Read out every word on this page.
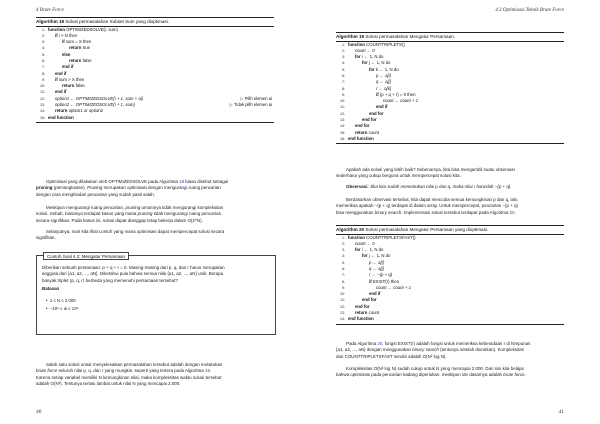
4 Brute Force
Algorithm 18 Solusi permasalahan Subset Sum yang dioptimasi.
1: function OPTIMIZEDSOLVE(i, sum)
2: if i > N then
3:	if sum = X then
4:	return true
5:	else
6:	return false
7:	end if
8: end if
9: if sum > X then
10:	return false
11: end if
12: option1 ← OPTIMIZEDSOLVE(i + 1, sum + ai)	▷ Pilih elemen ai
13: option2 ← OPTIMIZEDSOLVE(i + 1, sum)	▷ Tidak pilih elemen ai
14: return option1 or option2
15: end function
Optimisasi yang dilakukan oleh OPTIMIZEDSOLVE pada Algoritma 18 biasa disebut sebagai
pruning (pemangkasan). Pruning merupakan optimisasi dengan mengurangi ruang pencarian
dengan cara menghindari pencarian yang sudah pasti salah.
Meskipun mengurangi ruang pencarian, pruning umumnya tidak mengurangi kompleksitas
solusi. Sebab, biasanya terdapat kasus yang mana pruning tidak mengurangi ruang pencarian
secara signifikan. Pada kasus ini, solusi dapat dianggap tetap bekerja dalam O(2^N).
Selanjutnya, mari kita lihat contoh yang mana optimisasi dapat mempercepat solusi secara
signifikan.
Contoh Soal 4.2: Mengatur Persamaan
Diberikan sebuah persamaan: p + q + r = 0. Masing-masing dari p, q, dan r harus merupakan
anggota dari {a1, a2, ..., aN}. Diketahui pula bahwa semua nilai {a1, a2, ..., aN} unik. Berapa
banyak triplet ⟨p, q, r⟩ berbeda yang memenuhi persamaan tersebut?
Batasan
•  1 ≤ N ≤ 2.000
•  −10⁵ ≤ ai ≤ 10⁵
Salah satu solusi untuk menyelesaikan permasalahan tersebut adalah dengan melakukan
brute force seluruh nilai p, q, dan r yang mungkin, seperti yang tertera pada Algoritma 19.
Karena setiap variabel memiliki N kemungkinan nilai, maka kompleksitas waktu solusi tersebut
adalah O(N³). Tentunya terlalu lambat untuk nilai N yang mencapai 2.000.
40
4.3 Optimisasi Teknik Brute Force
Algorithm 19 Solusi permasalahan Mengatur Persamaan.
1: function COUNTTRIPLETS()
2: count ← 0
3: for i ← 1, N do
4:	for j ← 1, N do
5:	for k ← 1, N do
6:	p ← a[i]
7:	q ← a[j]
8:	r ← a[k]
9:	if (p + q + r) = 0 then
10:	count ← count + 1
11:	end if
12:	end for
13:	end for
14: end for
15: return count
16: end function
Apakah ada solusi yang lebih baik? Sebenarnya, kita bisa mengambil suatu observasi
sederhana yang cukup berguna untuk mempercepat solusi kita.
Observasi: Jika kita sudah menentukan nilai p dan q, maka nilai r haruslah −(p + q).
Berdasarkan observasi tersebut, kita dapat mencoba semua kemungkinan p dan q, lalu
memeriksa apakah −(p + q) terdapat di dalam array. Untuk mempercepat, pencarian −(p + q)
bisa menggunakan binary search. Implementasi solusi tersebut terdapat pada Algoritma 20.
Algorithm 20 Solusi permasalahan Mengatur Persamaan yang dioptimasi.
1: function COUNTTRIPLETSFAST()
2: count ← 0
3: for i ← 1, N do
4:	for j ← 1, N do
5:	p ← a[i]
6:	q ← a[j]
7:	r ← −(p + q)
8:	if EXIST(r) then
9:	count ← count + 1
10:	end if
11:	end for
12: end for
13: return count
14: end function
Pada Algoritma 20, fungsi EXIST(r) adalah fungsi untuk memeriksa keberadaan r di himpunan
{a1, a2, ..., aN} dengan menggunakan binary search (tentunya setelah diurutkan). Kompleksitas
dari COUNTTRIPLETSFAST sendiri adalah O(N² log N).
Kompleksitas O(N² log N) sudah cukup untuk N yang mencapai 2.000. Dari sini kita belajar
bahwa optimisasi pada pencarian kadang diperlukan, meskipun ide dasarnya adalah brute force.
41
